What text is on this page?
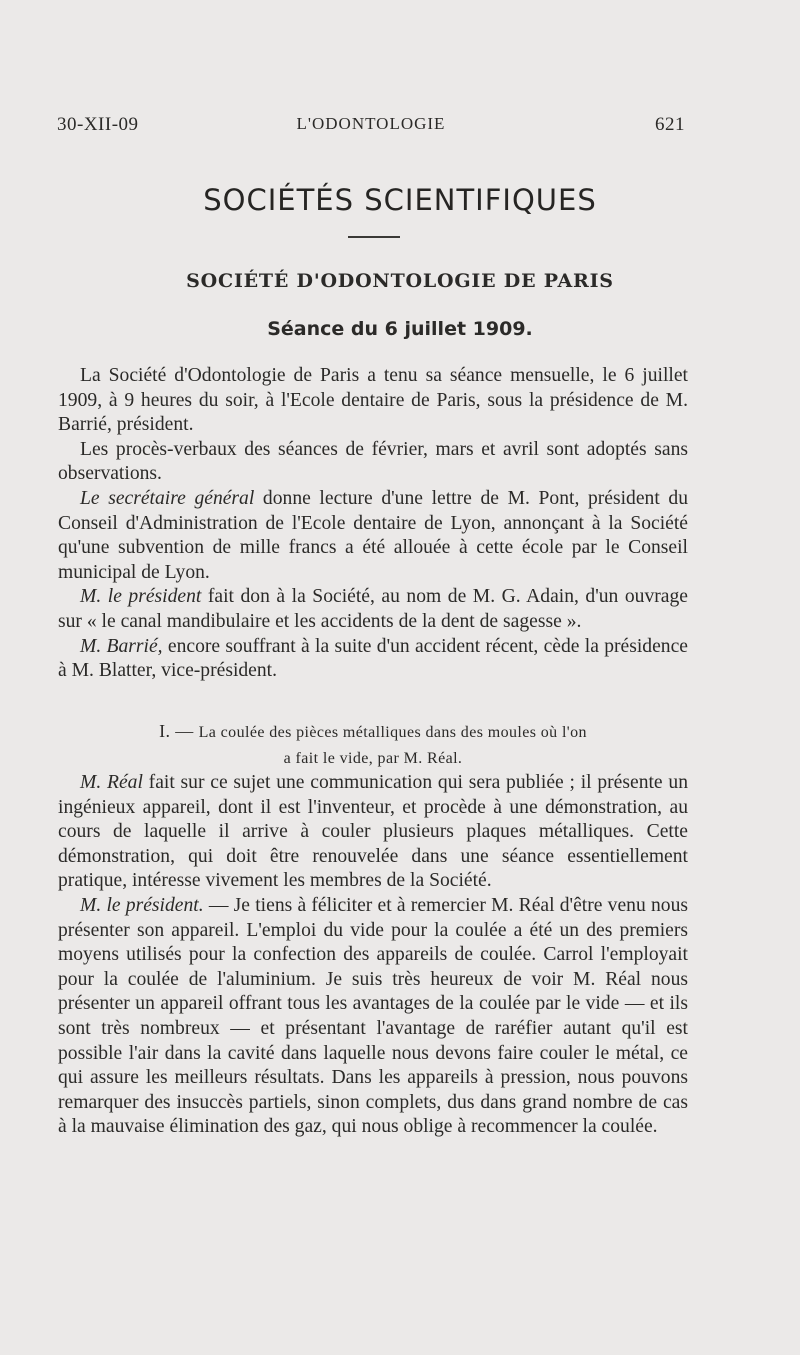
30-XII-09	L'ODONTOLOGIE	621
SOCIÉTÉS SCIENTIFIQUES
SOCIÉTÉ D'ODONTOLOGIE DE PARIS
Séance du 6 juillet 1909.

La Société d'Odontologie de Paris a tenu sa séance mensuelle, le 6 juillet 1909, à 9 heures du soir, à l'Ecole dentaire de Paris, sous la présidence de M. Barrié, président.

Les procès-verbaux des séances de février, mars et avril sont adoptés sans observations.

Le secrétaire général donne lecture d'une lettre de M. Pont, président du Conseil d'Administration de l'Ecole dentaire de Lyon, annonçant à la Société qu'une subvention de mille francs a été allouée à cette école par le Conseil municipal de Lyon.

M. le président fait don à la Société, au nom de M. G. Adain, d'un ouvrage sur « le canal mandibulaire et les accidents de la dent de sagesse ».

M. Barrié, encore souffrant à la suite d'un accident récent, cède la présidence à M. Blatter, vice-président.

I. — La coulée des pièces métalliques dans des moules où l'on
a fait le vide, par M. Réal.

M. Réal fait sur ce sujet une communication qui sera publiée ; il présente un ingénieux appareil, dont il est l'inventeur, et procède à une démonstration, au cours de laquelle il arrive à couler plusieurs plaques métalliques. Cette démonstration, qui doit être renouvelée dans une séance essentiellement pratique, intéresse vivement les membres de la Société.

M. le président. — Je tiens à féliciter et à remercier M. Réal d'être venu nous présenter son appareil. L'emploi du vide pour la coulée a été un des premiers moyens utilisés pour la confection des appareils de coulée. Carrol l'employait pour la coulée de l'aluminium. Je suis très heureux de voir M. Réal nous présenter un appareil offrant tous les avantages de la coulée par le vide — et ils sont très nombreux — et présentant l'avantage de raréfier autant qu'il est possible l'air dans la cavité dans laquelle nous devons faire couler le métal, ce qui assure les meilleurs résultats. Dans les appareils à pression, nous pouvons remarquer des insuccès partiels, sinon complets, dus dans grand nombre de cas à la mauvaise élimination des gaz, qui nous oblige à recommencer la coulée.
